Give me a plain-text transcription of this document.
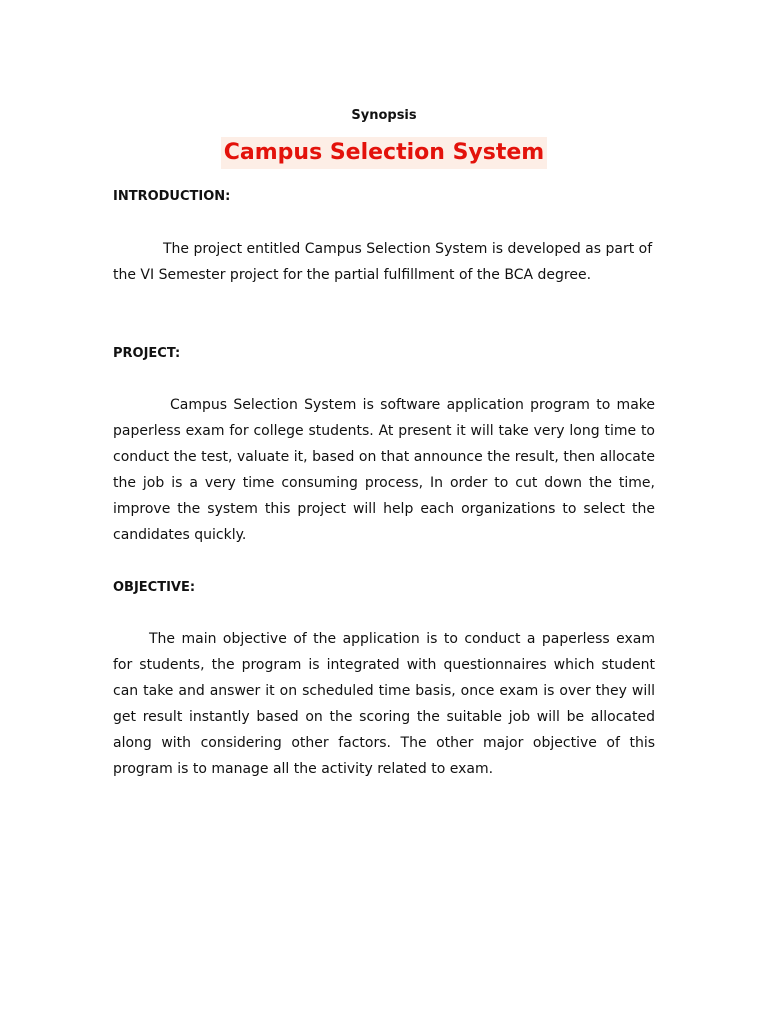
Synopsis
Campus Selection System
INTRODUCTION:
The project entitled Campus Selection System is developed as part of the VI Semester project for the partial fulfillment of the BCA degree.
PROJECT:
Campus Selection System is software application program to make paperless exam for college students. At present it will take very long time to conduct the test, valuate it, based on that announce the result, then allocate the job is a very time consuming process, In order to cut down the time, improve the system this project will help each organizations to select the candidates quickly.
OBJECTIVE:
The main objective of the application is to conduct a paperless exam for students, the program is integrated with questionnaires which student can take and answer it on scheduled time basis, once exam is over they will get result instantly based on the scoring the suitable job will be allocated along with considering other factors. The other major objective of this program is to manage all the activity related to exam.
